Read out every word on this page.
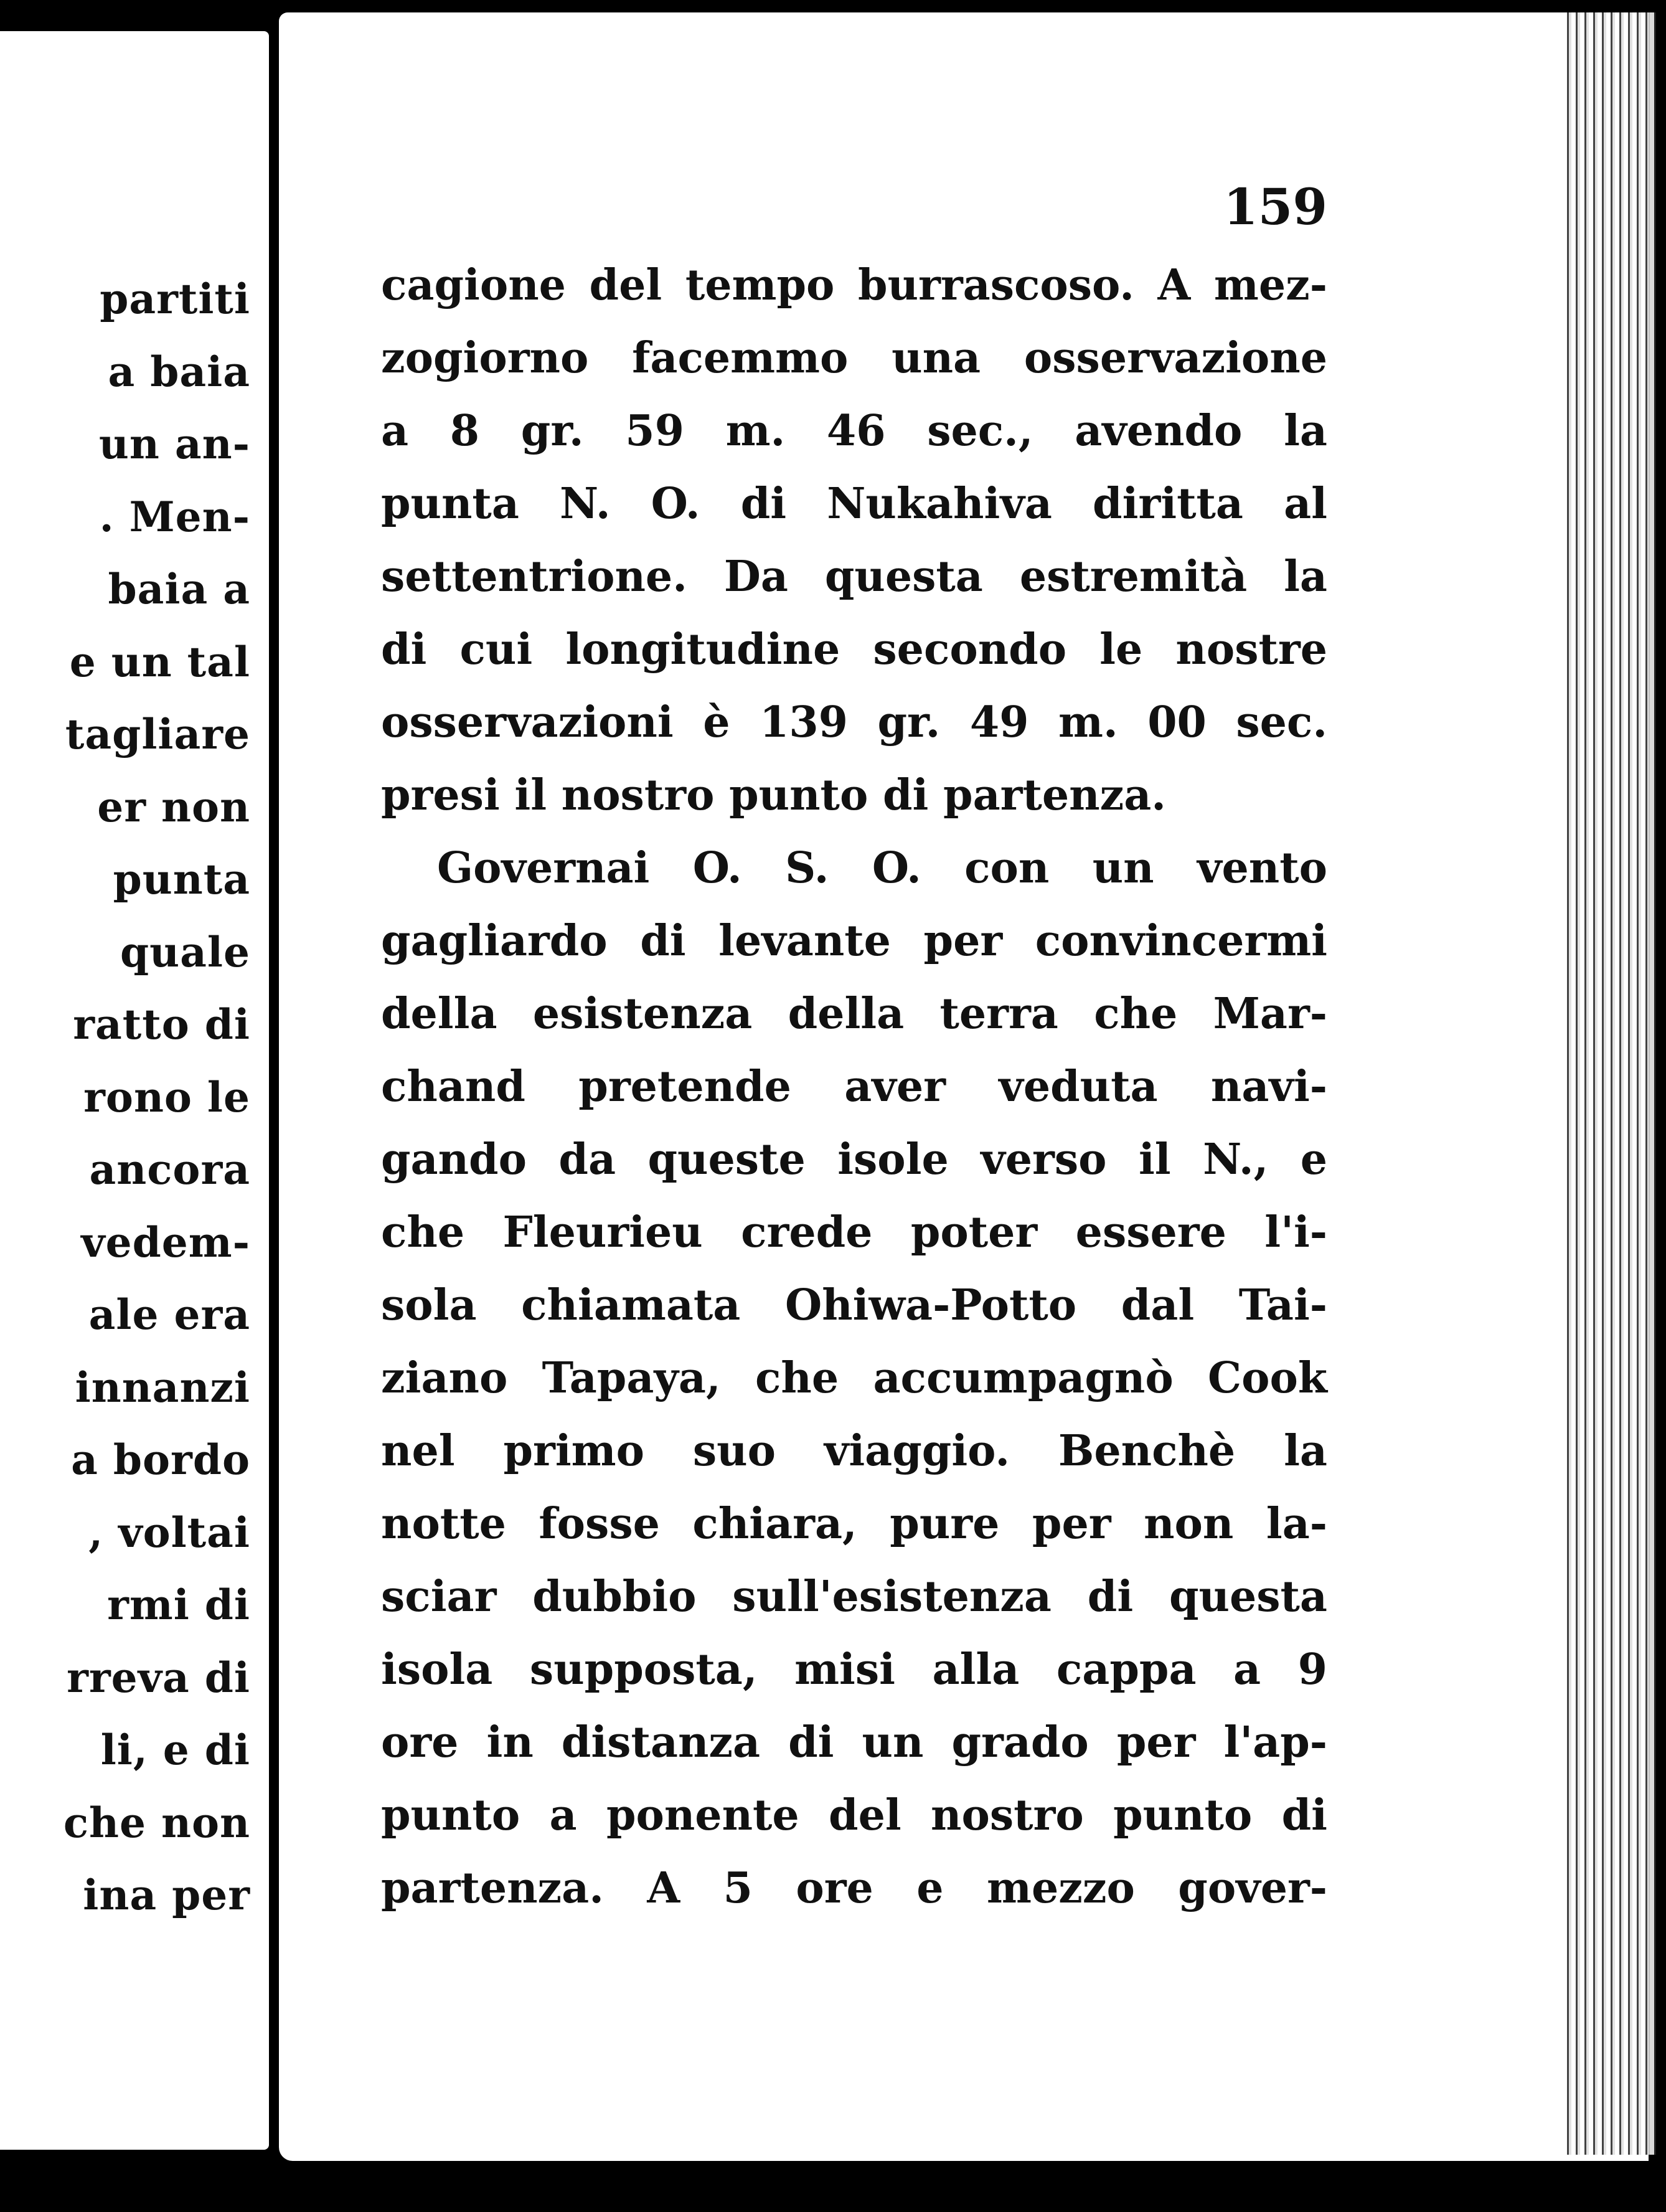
partiti
a baia
un an-
. Men-
baia a
e un tal
tagliare
er non
punta
quale
ratto di
rono le
ancora
vedem-
ale era
innanzi
a bordo
, voltai
rmi di
rreva di
li, e di
che non
ina per
159
cagione del tempo burrascoso. A mez-
zogiorno facemmo una osservazione
a 8 gr. 59 m. 46 sec., avendo la
punta N. O. di Nukahiva diritta al
settentrione. Da questa estremità la
di cui longitudine secondo le nostre
osservazioni è 139 gr. 49 m. 00 sec.
presi il nostro punto di partenza.
Governai O. S. O. con un vento
gagliardo di levante per convincermi
della esistenza della terra che Mar-
chand pretende aver veduta navi-
gando da queste isole verso il N., e
che Fleurieu crede poter essere l'i-
sola chiamata Ohiwa-Potto dal Tai-
ziano Tapaya, che accumpagnò Cook
nel primo suo viaggio. Benchè la
notte fosse chiara, pure per non la-
sciar dubbio sull'esistenza di questa
isola supposta, misi alla cappa a 9
ore in distanza di un grado per l'ap-
punto a ponente del nostro punto di
partenza. A 5 ore e mezzo gover-
